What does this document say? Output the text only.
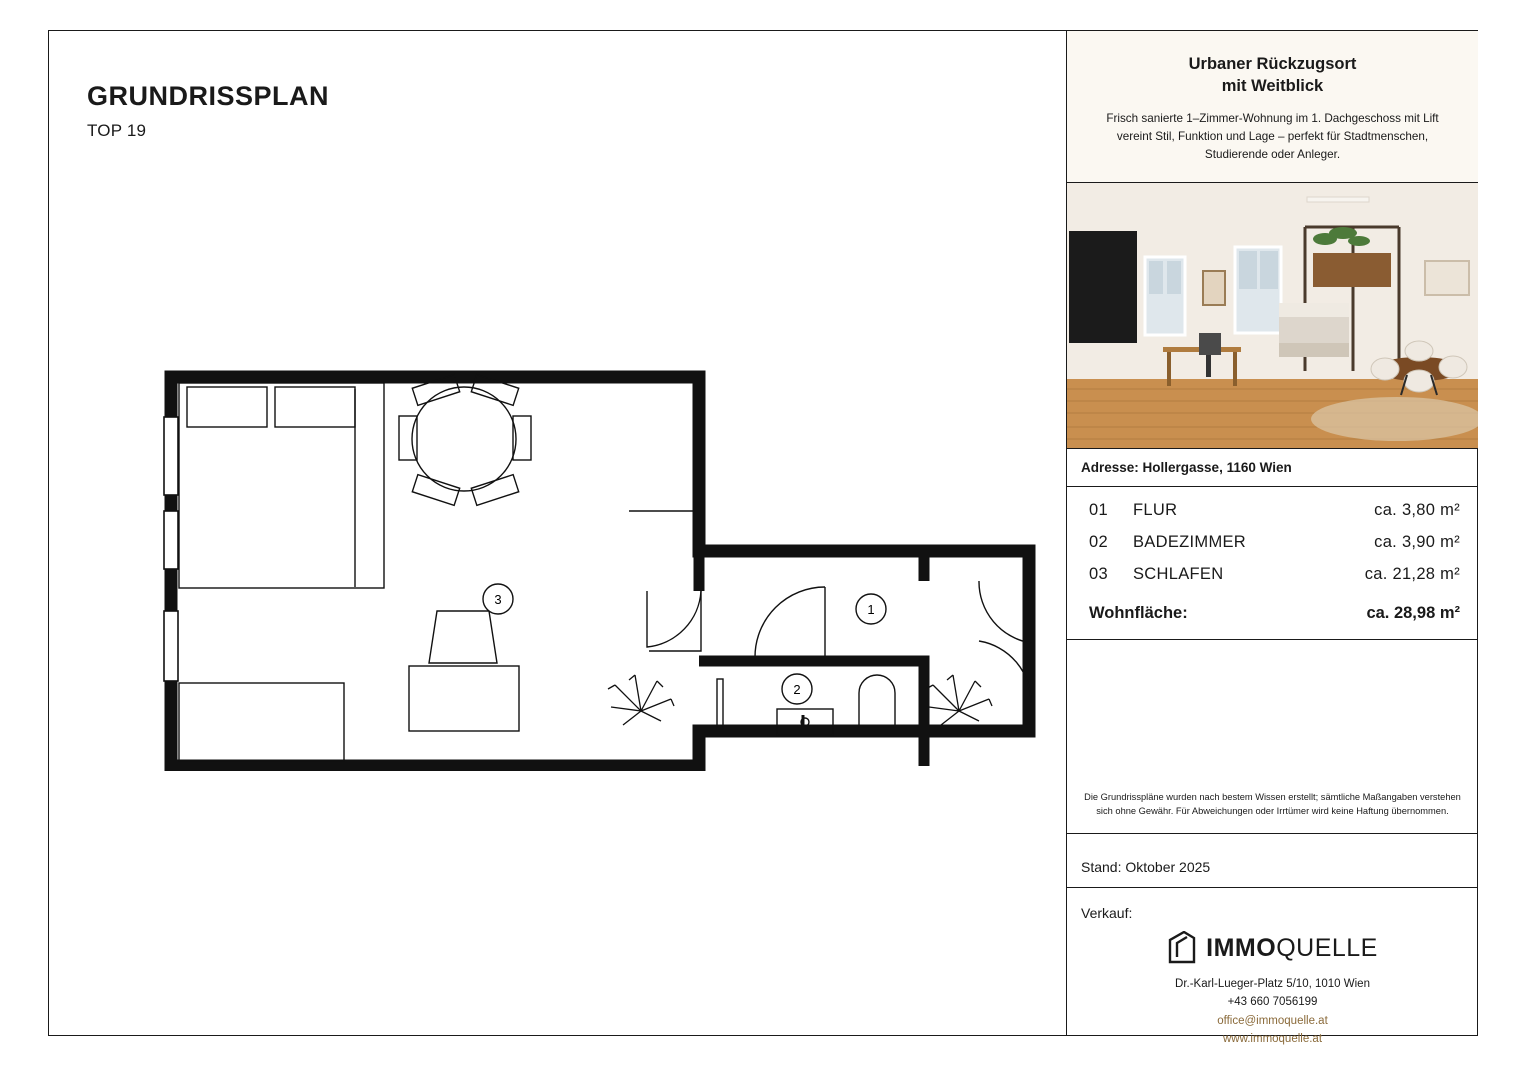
GRUNDRISSPLAN
TOP 19
3
1
2
Urbaner Rückzugsort
mit Weitblick
Frisch sanierte 1–Zimmer-Wohnung im 1. Dachgeschoss mit Lift vereint Stil, Funktion und Lage – perfekt für Stadtmenschen, Studierende oder Anleger.
Adresse: Hollergasse, 1160 Wien
01	FLUR	ca. 3,80 m²
02	BADEZIMMER	ca. 3,90 m²
03	SCHLAFEN	ca. 21,28 m²
Wohnfläche:	ca. 28,98 m²
Die Grundrisspläne wurden nach bestem Wissen erstellt; sämtliche Maßangaben verstehen sich ohne Gewähr. Für Abweichungen oder Irrtümer wird keine Haftung übernommen.
Stand: Oktober 2025
Verkauf:
IMMOQUELLE
Dr.-Karl-Lueger-Platz 5/10, 1010 Wien
+43 660 7056199
office@immoquelle.at
www.immoquelle.at
